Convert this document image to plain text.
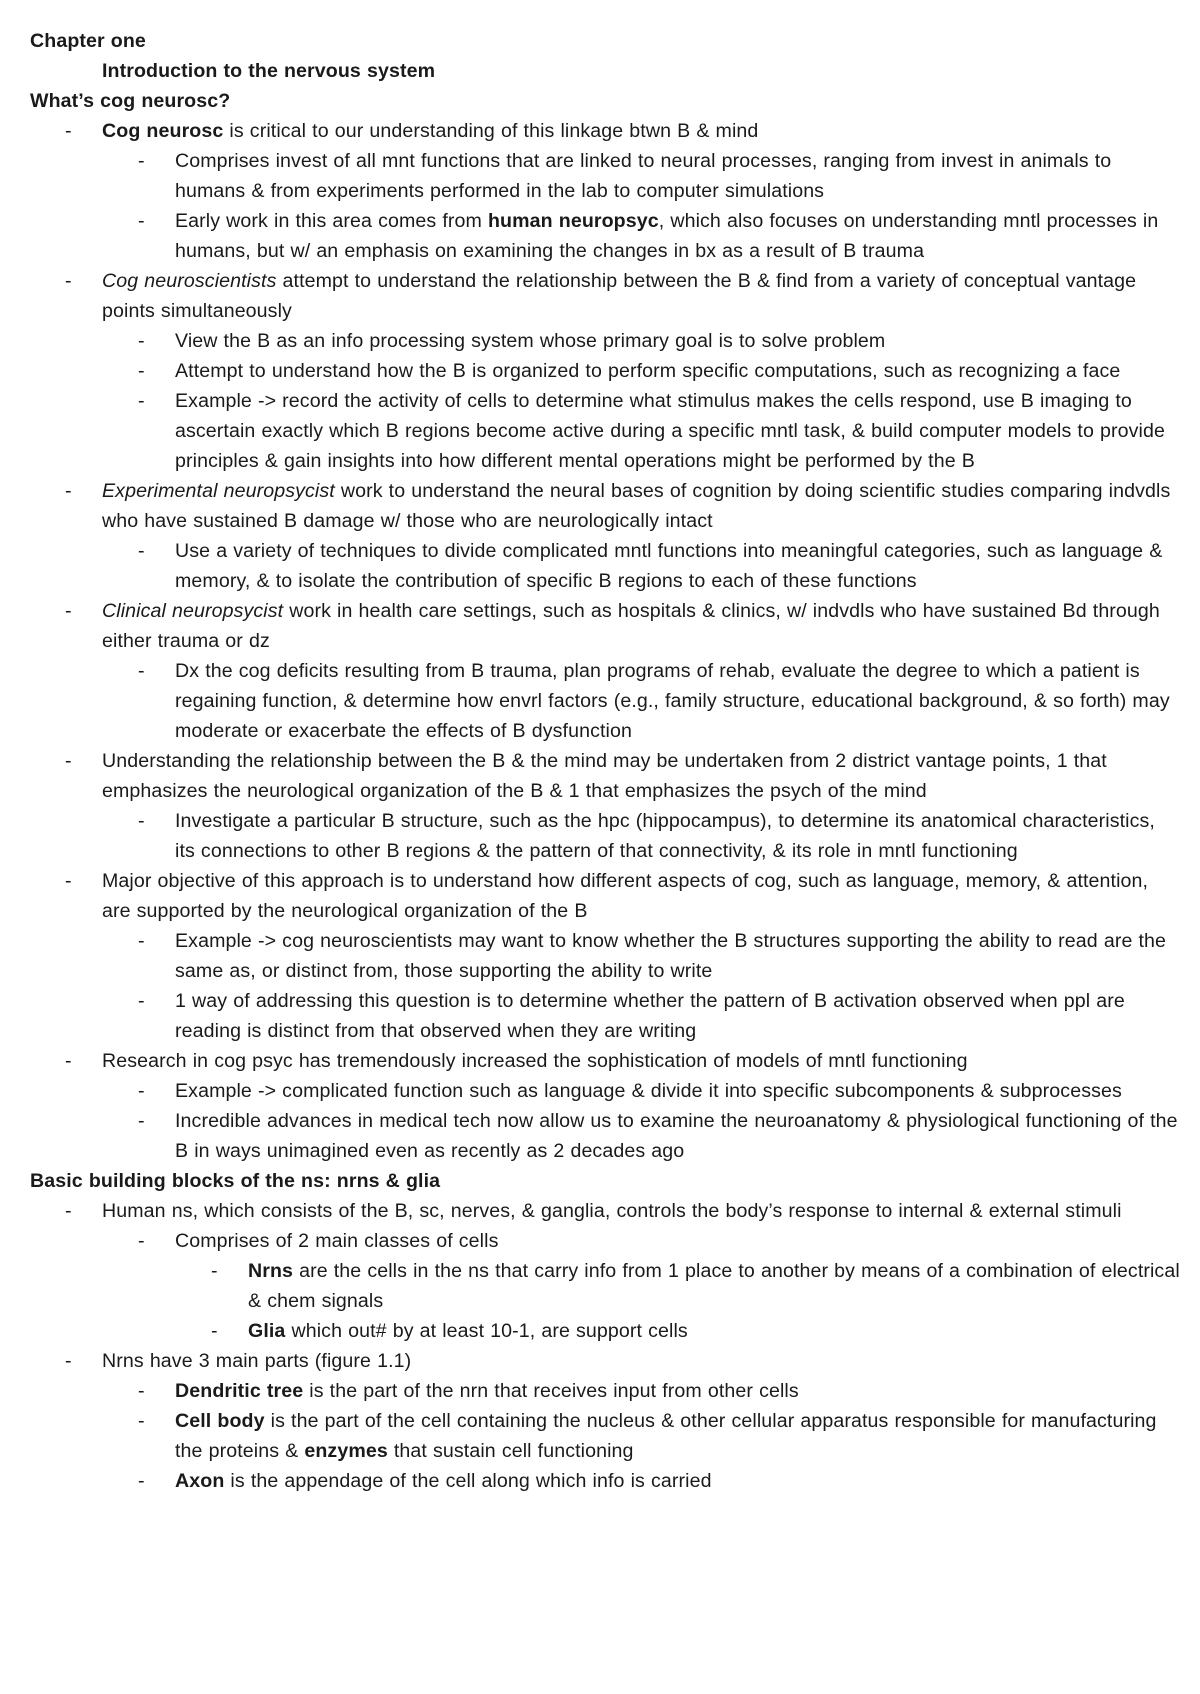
Chapter one
Introduction to the nervous system
What’s cog neurosc?
- Cog neurosc is critical to our understanding of this linkage btwn B & mind
- Comprises invest of all mnt functions that are linked to neural processes, ranging from invest in animals to humans & from experiments performed in the lab to computer simulations
- Early work in this area comes from human neuropsyc, which also focuses on understanding mntl processes in humans, but w/ an emphasis on examining the changes in bx as a result of B trauma
- Cog neuroscientists attempt to understand the relationship between the B & find from a variety of conceptual vantage points simultaneously
- View the B as an info processing system whose primary goal is to solve problem
- Attempt to understand how the B is organized to perform specific computations, such as recognizing a face
- Example -> record the activity of cells to determine what stimulus makes the cells respond, use B imaging to ascertain exactly which B regions become active during a specific mntl task, & build computer models to provide principles & gain insights into how different mental operations might be performed by the B
- Experimental neuropsycist work to understand the neural bases of cognition by doing scientific studies comparing indvdls who have sustained B damage w/ those who are neurologically intact
- Use a variety of techniques to divide complicated mntl functions into meaningful categories, such as language & memory, & to isolate the contribution of specific B regions to each of these functions
- Clinical neuropsycist work in health care settings, such as hospitals & clinics, w/ indvdls who have sustained Bd through either trauma or dz
- Dx the cog deficits resulting from B trauma, plan programs of rehab, evaluate the degree to which a patient is regaining function, & determine how envrl factors (e.g., family structure, educational background, & so forth) may moderate or exacerbate the effects of B dysfunction
- Understanding the relationship between the B & the mind may be undertaken from 2 district vantage points, 1 that emphasizes the neurological organization of the B & 1 that emphasizes the psych of the mind
- Investigate a particular B structure, such as the hpc (hippocampus), to determine its anatomical characteristics, its connections to other B regions & the pattern of that connectivity, & its role in mntl functioning
- Major objective of this approach is to understand how different aspects of cog, such as language, memory, & attention, are supported by the neurological organization of the B
- Example -> cog neuroscientists may want to know whether the B structures supporting the ability to read are the same as, or distinct from, those supporting the ability to write
- 1 way of addressing this question is to determine whether the pattern of B activation observed when ppl are reading is distinct from that observed when they are writing
- Research in cog psyc has tremendously increased the sophistication of models of mntl functioning
- Example -> complicated function such as language & divide it into specific subcomponents & subprocesses
- Incredible advances in medical tech now allow us to examine the neuroanatomy & physiological functioning of the B in ways unimagined even as recently as 2 decades ago
Basic building blocks of the ns: nrns & glia
- Human ns, which consists of the B, sc, nerves, & ganglia, controls the body’s response to internal & external stimuli
- Comprises of 2 main classes of cells
- Nrns are the cells in the ns that carry info from 1 place to another by means of a combination of electrical & chem signals
- Glia which out# by at least 10-1, are support cells
- Nrns have 3 main parts (figure 1.1)
- Dendritic tree is the part of the nrn that receives input from other cells
- Cell body is the part of the cell containing the nucleus & other cellular apparatus responsible for manufacturing the proteins & enzymes that sustain cell functioning
- Axon is the appendage of the cell along which info is carried
